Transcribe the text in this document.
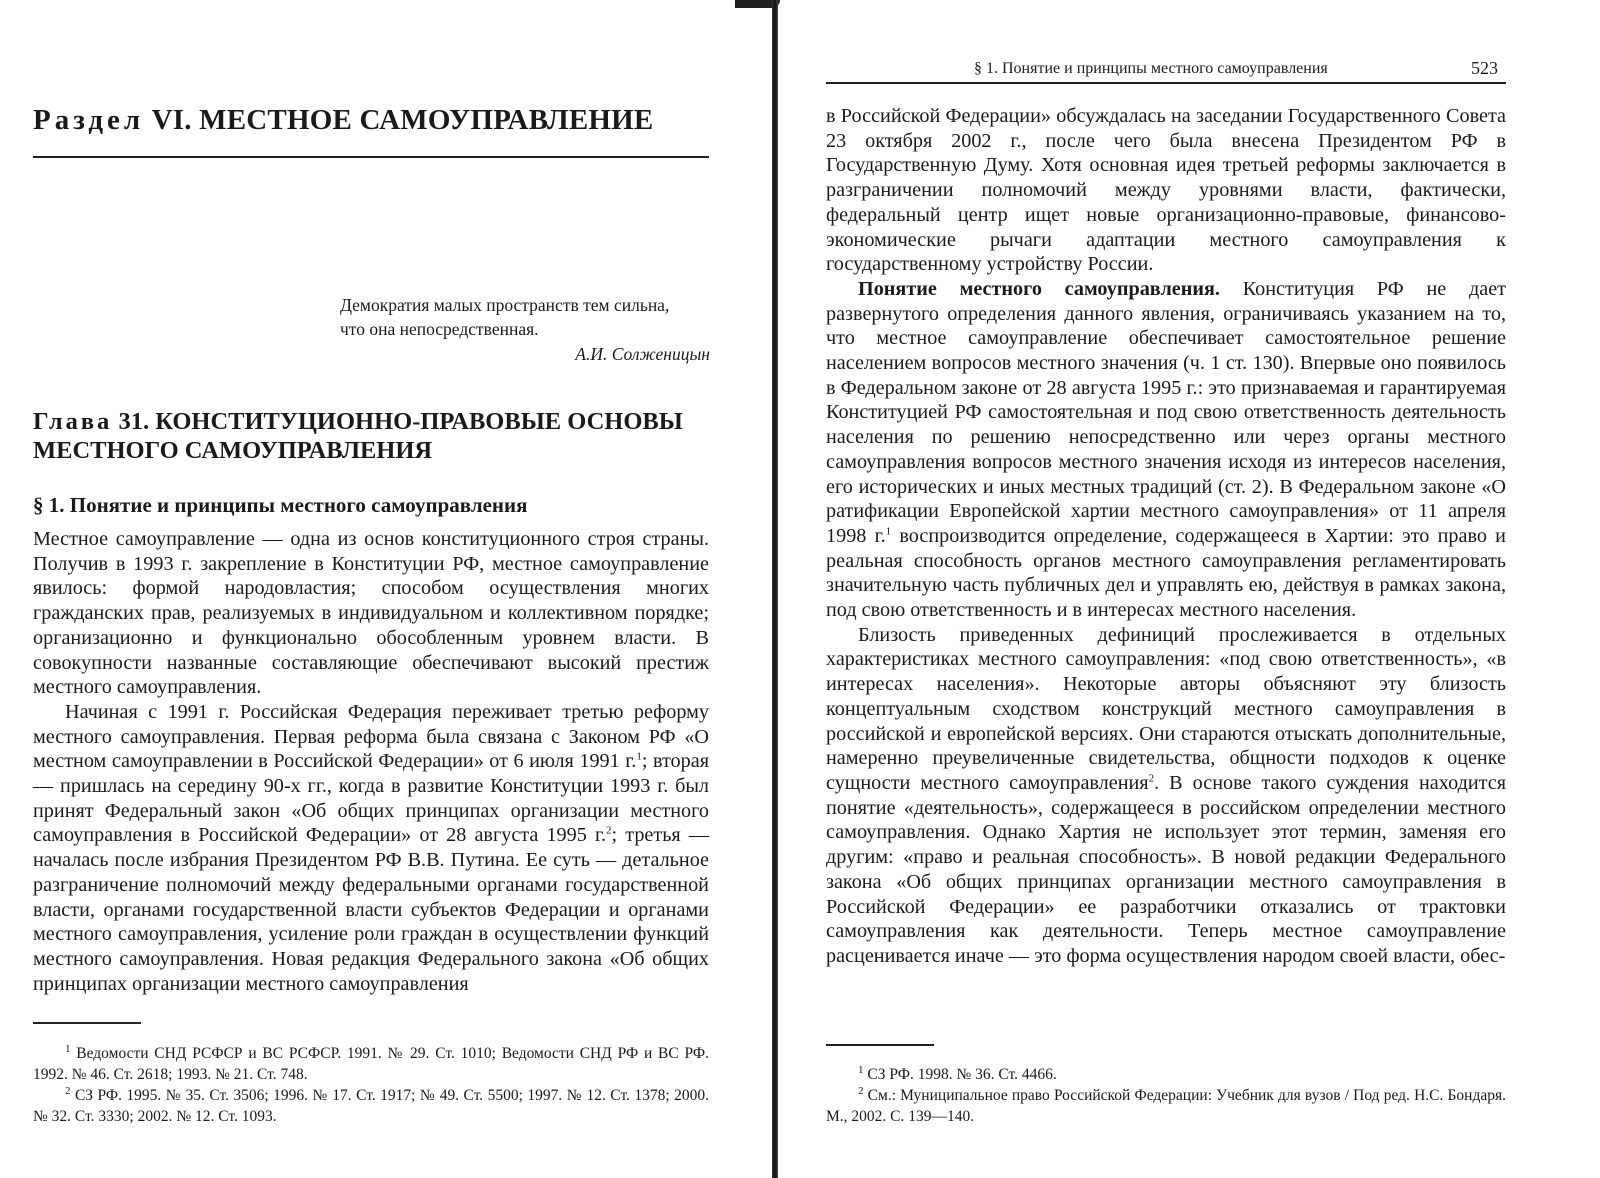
Раздел VI. МЕСТНОЕ САМОУПРАВЛЕНИЕ
Демократия малых пространств тем сильна,
что она непосредственная.
А.И. Солженицын
Глава 31. КОНСТИТУЦИОННО-ПРАВОВЫЕ ОСНОВЫ
МЕСТНОГО САМОУПРАВЛЕНИЯ
§ 1. Понятие и принципы местного самоуправления

Местное самоуправление — одна из основ конституционного строя страны. Получив в 1993 г. закрепление в Конституции РФ, местное самоуправление явилось: формой народовластия; способом осуществления многих гражданских прав, реализуемых в индивидуальном и коллективном порядке; организационно и функционально обособленным уровнем власти. В совокупности названные составляющие обеспечивают высокий престиж местного самоуправления.

Начиная с 1991 г. Российская Федерация переживает третью реформу местного самоуправления. Первая реформа была связана с Законом РФ «О местном самоуправлении в Российской Федерации» от 6 июля 1991 г.$^1$; вторая — пришлась на середину 90-х гг., когда в развитие Конституции 1993 г. был принят Федеральный закон «Об общих принципах организации местного самоуправления в Российской Федерации» от 28 августа 1995 г.$^2$; третья — началась после избрания Президентом РФ В.В. Путина. Ее суть — детальное разграничение полномочий между федеральными органами государственной власти, органами государственной власти субъектов Федерации и органами местного самоуправления, усиление роли граждан в осуществлении функций местного самоуправления. Новая редакция Федерального закона «Об общих принципах организации местного самоуправления

$^1$ Ведомости СНД РСФСР и ВС РСФСР. 1991. № 29. Ст. 1010; Ведомости СНД РФ и ВС РФ. 1992. № 46. Ст. 2618; 1993. № 21. Ст. 748.

$^2$ СЗ РФ. 1995. № 35. Ст. 3506; 1996. № 17. Ст. 1917; № 49. Ст. 5500; 1997. № 12. Ст. 1378; 2000. № 32. Ст. 3330; 2002. № 12. Ст. 1093.

§ 1. Понятие и принципы местного самоуправления	523

в Российской Федерации» обсуждалась на заседании Государственного Совета 23 октября 2002 г., после чего была внесена Президентом РФ в Государственную Думу. Хотя основная идея третьей реформы заключается в разграничении полномочий между уровнями власти, фактически, федеральный центр ищет новые организационно-правовые, финансово-экономические рычаги адаптации местного самоуправления к государственному устройству России.

Понятие местного самоуправления. Конституция РФ не дает развернутого определения данного явления, ограничиваясь указанием на то, что местное самоуправление обеспечивает самостоятельное решение населением вопросов местного значения (ч. 1 ст. 130). Впервые оно появилось в Федеральном законе от 28 августа 1995 г.: это признаваемая и гарантируемая Конституцией РФ самостоятельная и под свою ответственность деятельность населения по решению непосредственно или через органы местного самоуправления вопросов местного значения исходя из интересов населения, его исторических и иных местных традиций (ст. 2). В Федеральном законе «О ратификации Европейской хартии местного самоуправления» от 11 апреля 1998 г.$^1$ воспроизводится определение, содержащееся в Хартии: это право и реальная способность органов местного самоуправления регламентировать значительную часть публичных дел и управлять ею, действуя в рамках закона, под свою ответственность и в интересах местного населения.

Близость приведенных дефиниций прослеживается в отдельных характеристиках местного самоуправления: «под свою ответственность», «в интересах населения». Некоторые авторы объясняют эту близость концептуальным сходством конструкций местного самоуправления в российской и европейской версиях. Они стараются отыскать дополнительные, намеренно преувеличенные свидетельства, общности подходов к оценке сущности местного самоуправления$^2$. В основе такого суждения находится понятие «деятельность», содержащееся в российском определении местного самоуправления. Однако Хартия не использует этот термин, заменяя его другим: «право и реальная способность». В новой редакции Федерального закона «Об общих принципах организации местного самоуправления в Российской Федерации» ее разработчики отказались от трактовки самоуправления как деятельности. Теперь местное самоуправление расценивается иначе — это форма осуществления народом своей власти, обес-

$^1$ СЗ РФ. 1998. № 36. Ст. 4466.

$^2$ См.: Муниципальное право Российской Федерации: Учебник для вузов / Под ред. Н.С. Бондаря. М., 2002. С. 139—140.
